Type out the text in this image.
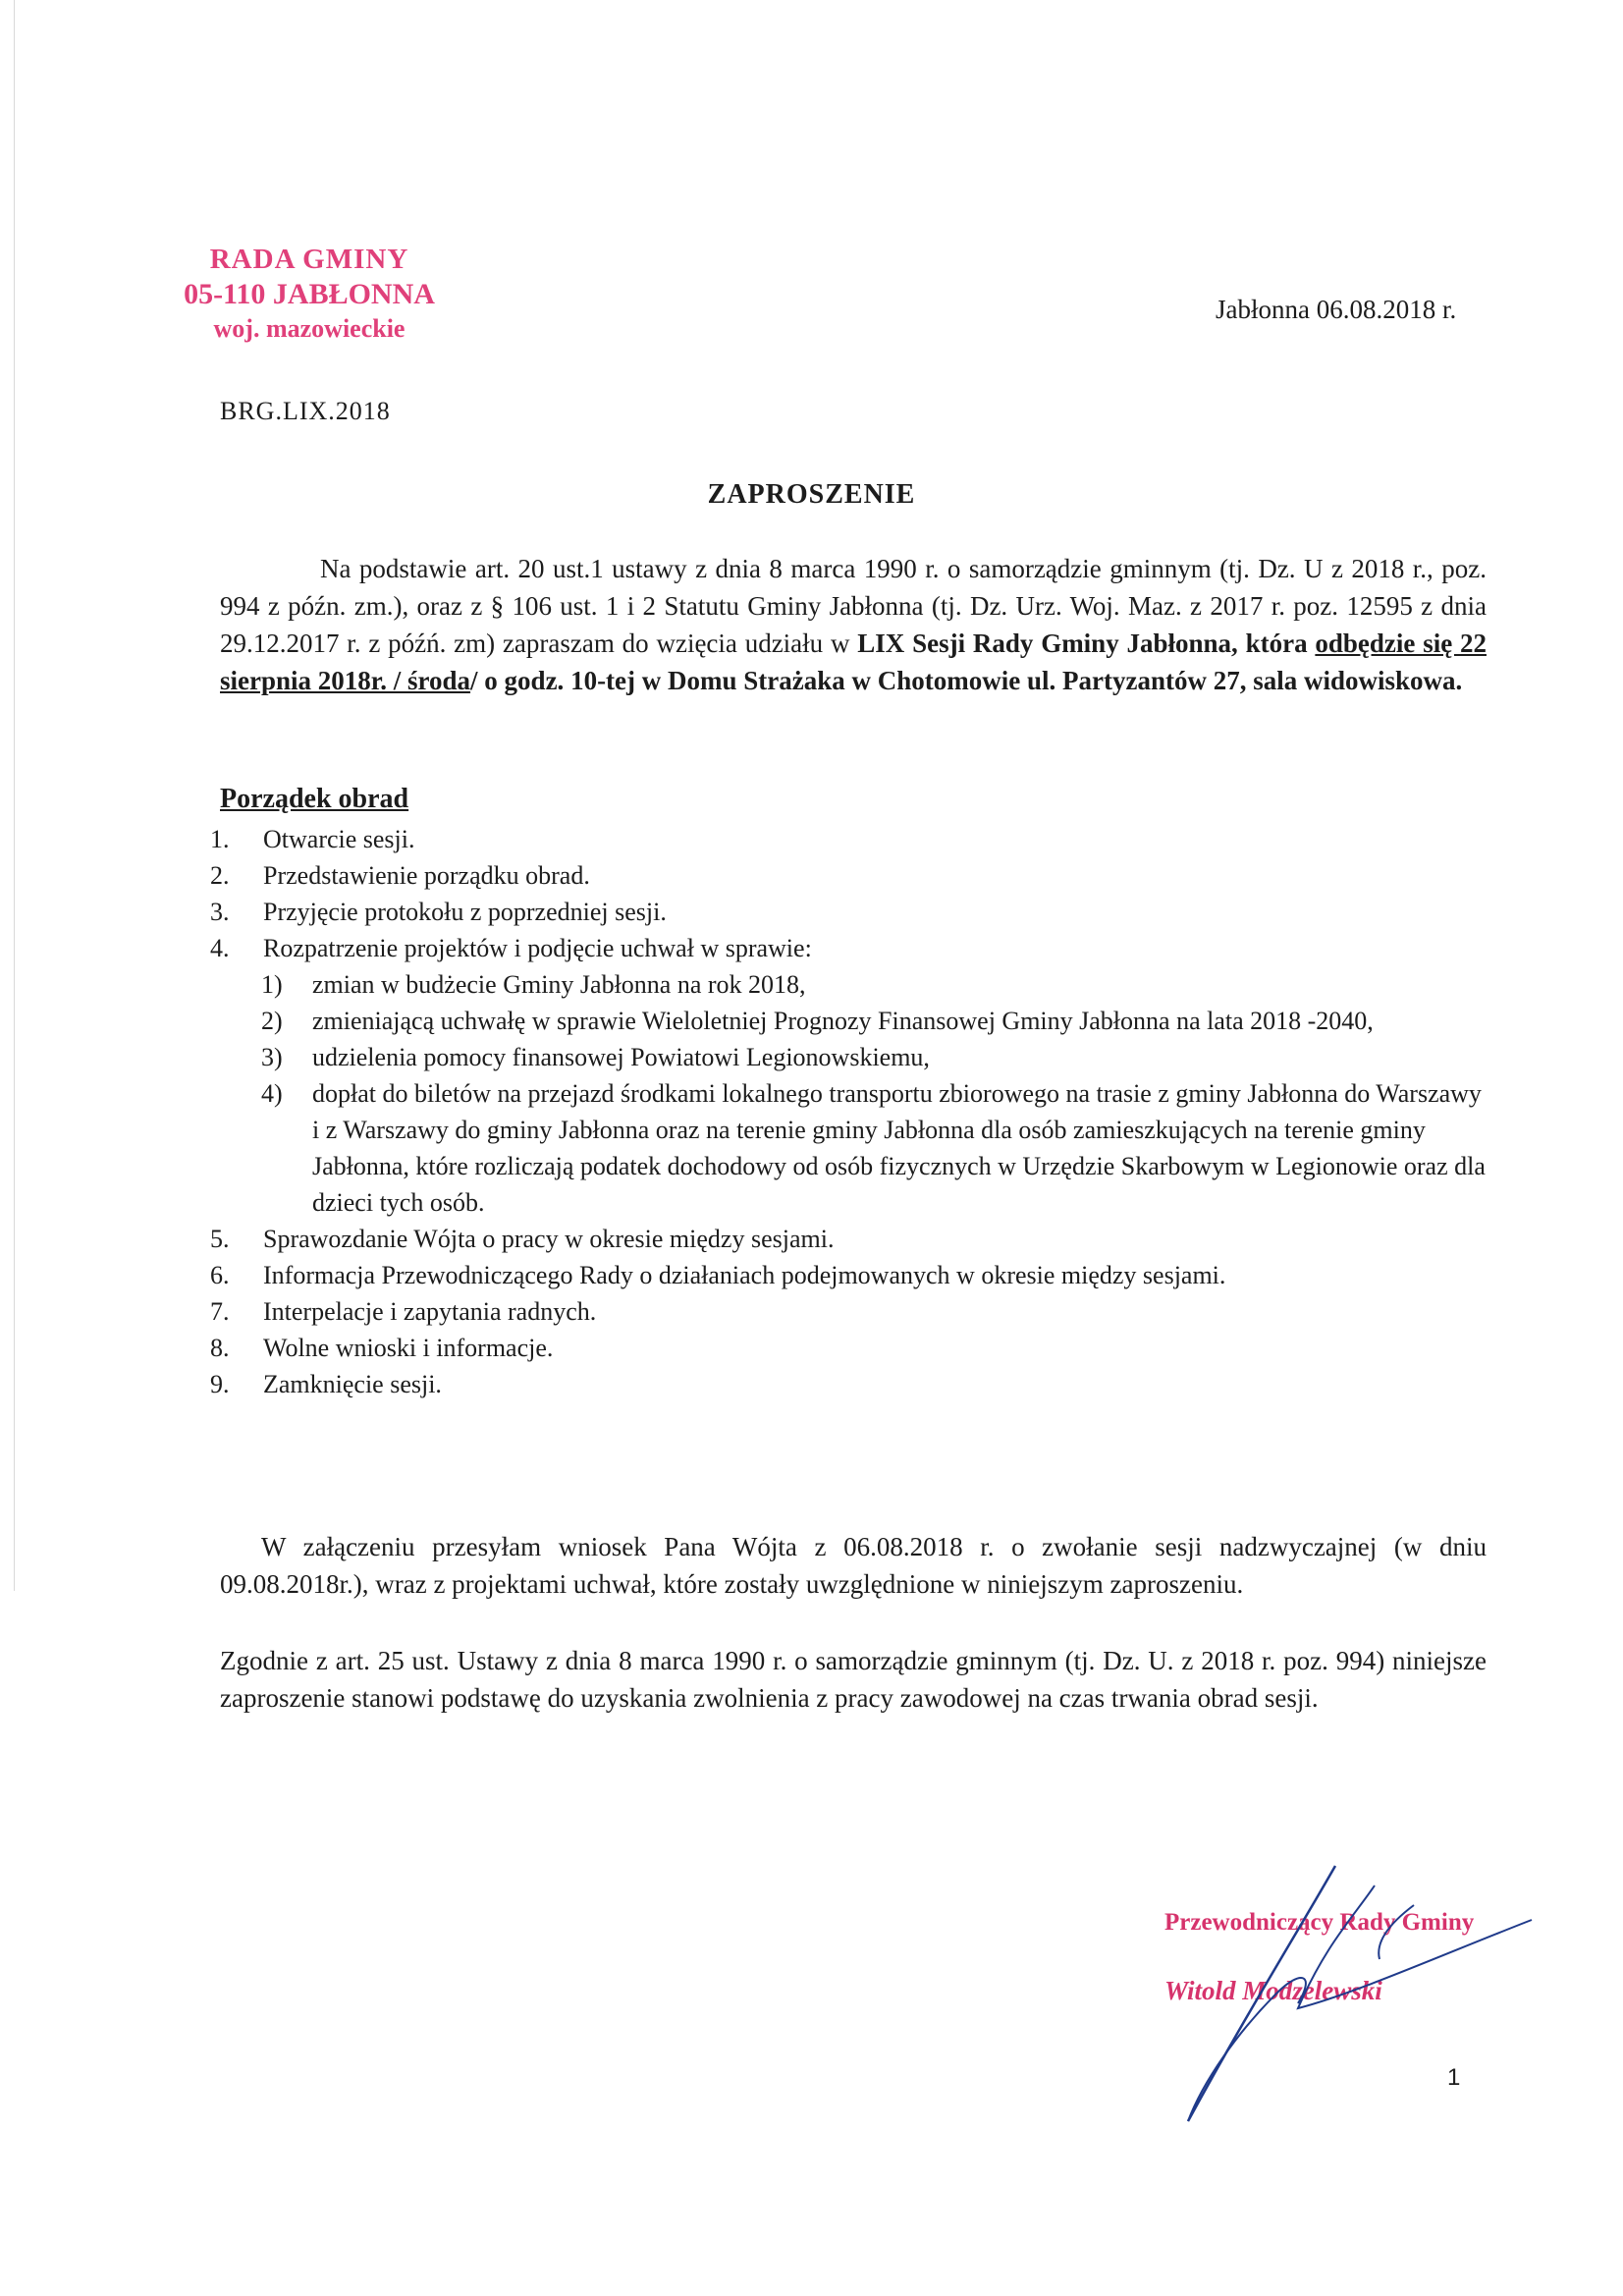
RADA GMINY
05-110 JABŁONNA
woj. mazowieckie
Jabłonna 06.08.2018 r.
BRG.LIX.2018
ZAPROSZENIE
Na podstawie art. 20 ust.1 ustawy z dnia 8 marca 1990 r. o samorządzie gminnym (tj. Dz. U z 2018 r., poz. 994 z późn. zm.), oraz z § 106 ust. 1 i 2 Statutu Gminy Jabłonna (tj. Dz. Urz. Woj. Maz. z 2017 r. poz. 12595 z dnia 29.12.2017 r. z późń. zm) zapraszam do wzięcia udziału w LIX Sesji Rady Gminy Jabłonna, która odbędzie się 22 sierpnia 2018r. / środa/ o godz. 10-tej w Domu Strażaka w Chotomowie ul. Partyzantów 27, sala widowiskowa.
Porządek obrad
1.	Otwarcie sesji.
2.	Przedstawienie porządku obrad.
3.	Przyjęcie protokołu z poprzedniej sesji.
4.	Rozpatrzenie projektów i podjęcie uchwał w sprawie:
1)	zmian w budżecie Gminy Jabłonna na rok 2018,
2)	zmieniającą uchwałę w sprawie Wieloletniej Prognozy Finansowej Gminy Jabłonna na lata 2018 -2040,
3)	udzielenia pomocy finansowej Powiatowi Legionowskiemu,
4)	dopłat do biletów na przejazd środkami lokalnego transportu zbiorowego na trasie z gminy Jabłonna do Warszawy i z Warszawy do gminy Jabłonna oraz na terenie gminy Jabłonna dla osób zamieszkujących na terenie gminy Jabłonna, które rozliczają podatek dochodowy od osób fizycznych w Urzędzie Skarbowym w Legionowie oraz dla dzieci tych osób.
5.	Sprawozdanie Wójta o pracy w okresie między sesjami.
6.	Informacja Przewodniczącego Rady o działaniach podejmowanych w okresie między sesjami.
7.	Interpelacje i zapytania radnych.
8.	Wolne wnioski i informacje.
9.	Zamknięcie sesji.
W załączeniu przesyłam wniosek Pana Wójta z 06.08.2018 r. o zwołanie sesji nadzwyczajnej (w dniu 09.08.2018r.), wraz z projektami uchwał, które zostały uwzględnione w niniejszym zaproszeniu.
Zgodnie z art. 25 ust. Ustawy z dnia 8 marca 1990 r. o samorządzie gminnym (tj. Dz. U. z 2018 r. poz. 994) niniejsze zaproszenie stanowi podstawę do uzyskania zwolnienia z pracy zawodowej na czas trwania obrad sesji.
Przewodniczący Rady Gminy
Witold Modzelewski
1
